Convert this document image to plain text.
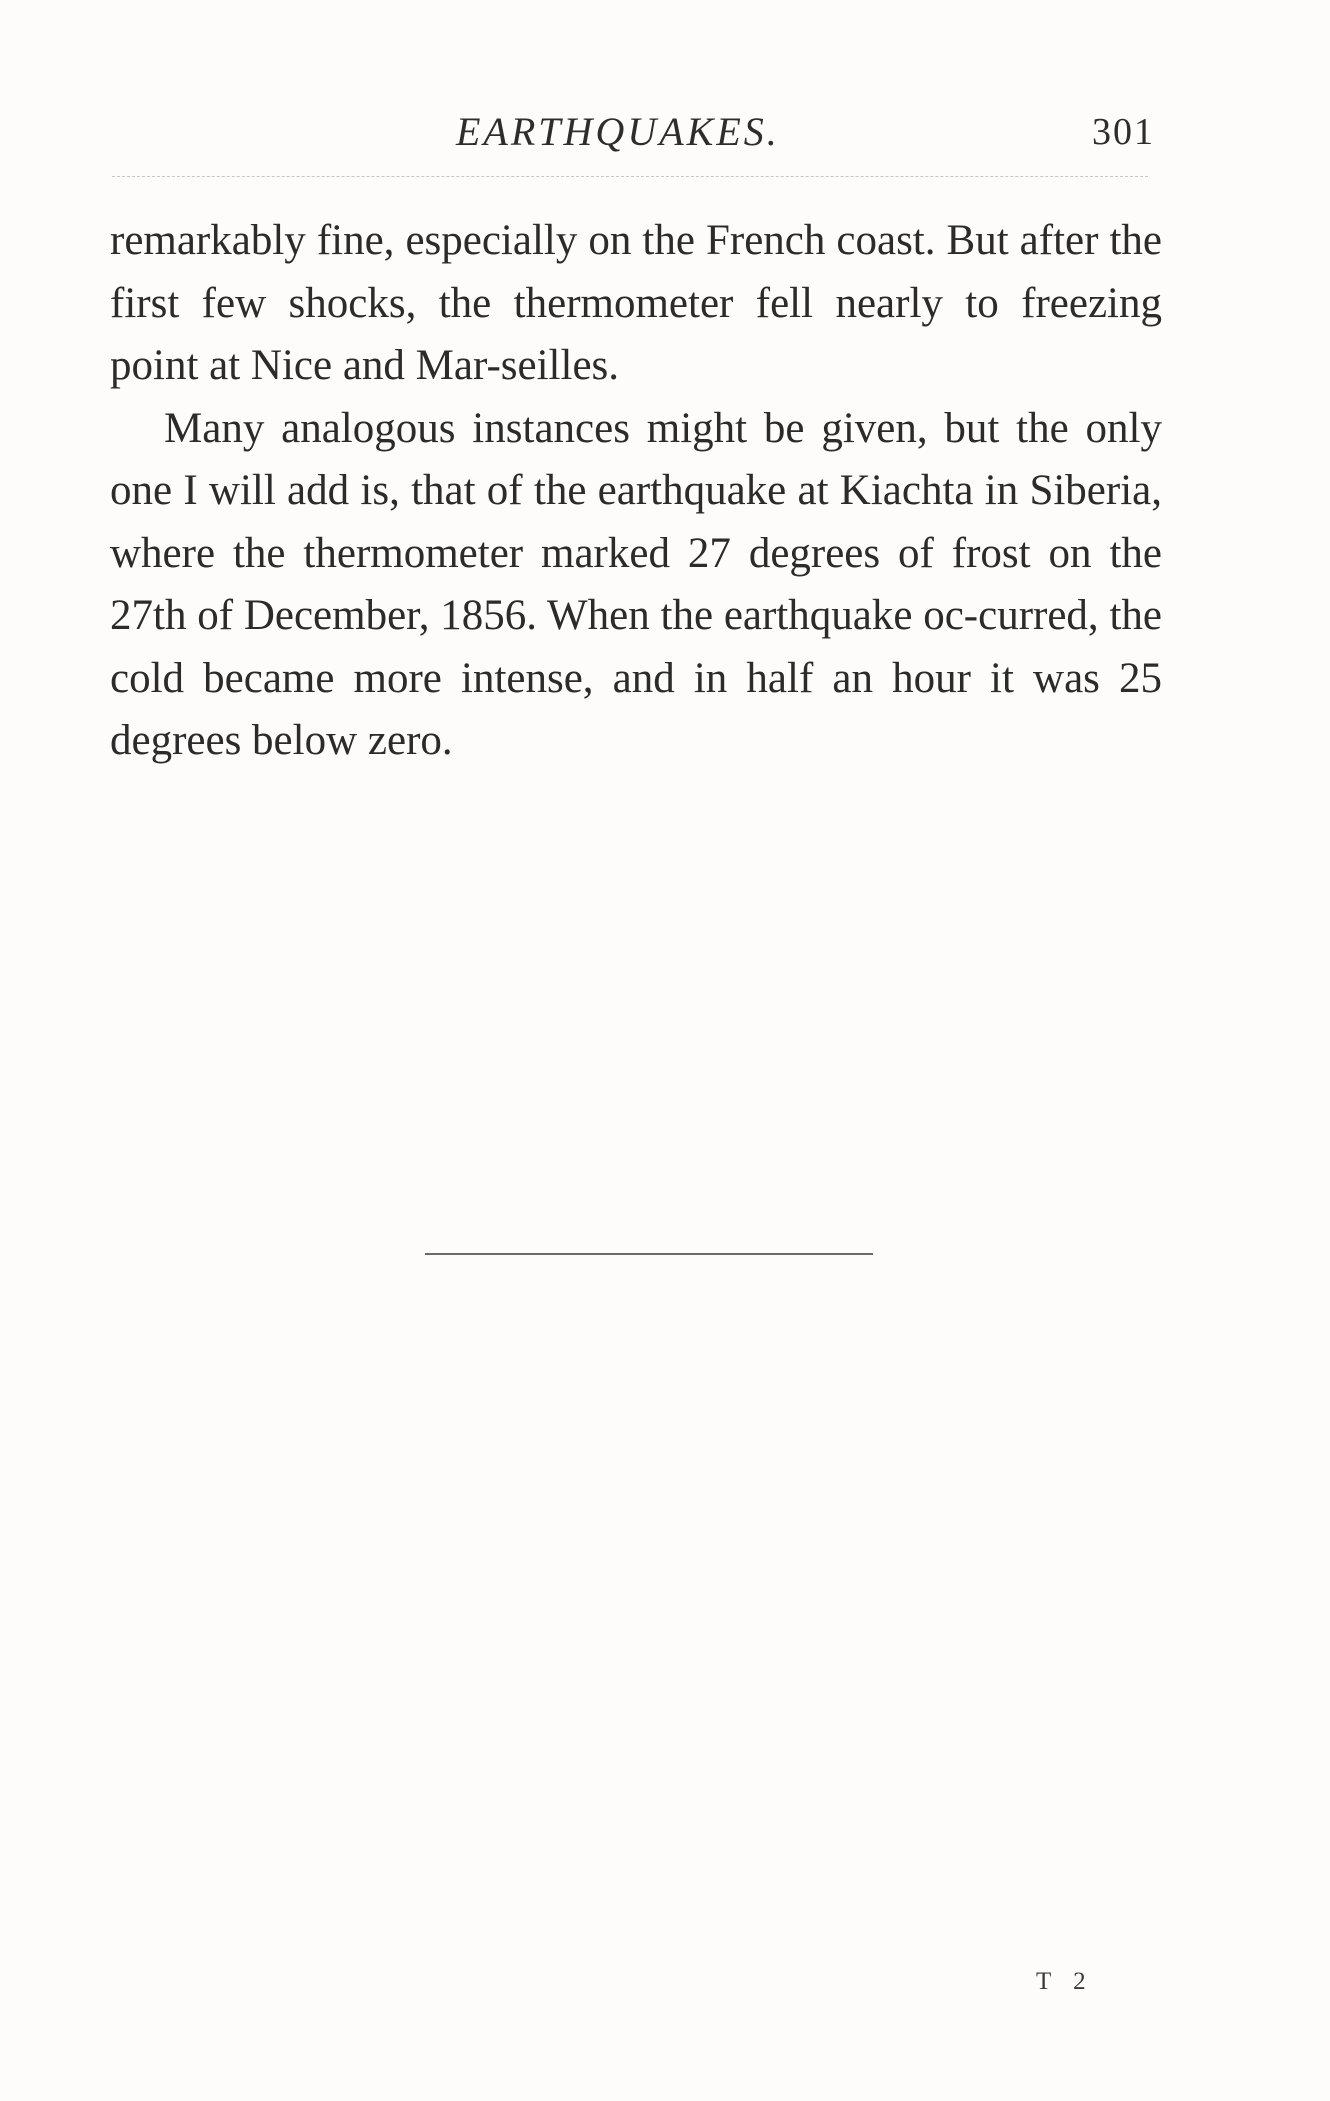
EARTHQUAKES.	301

remarkably fine, especially on the French coast. But after the first few shocks, the thermometer fell nearly to freezing point at Nice and Mar-seilles.

Many analogous instances might be given, but the only one I will add is, that of the earthquake at Kiachta in Siberia, where the thermometer marked 27 degrees of frost on the 27th of December, 1856. When the earthquake oc-curred, the cold became more intense, and in half an hour it was 25 degrees below zero.

T 2
